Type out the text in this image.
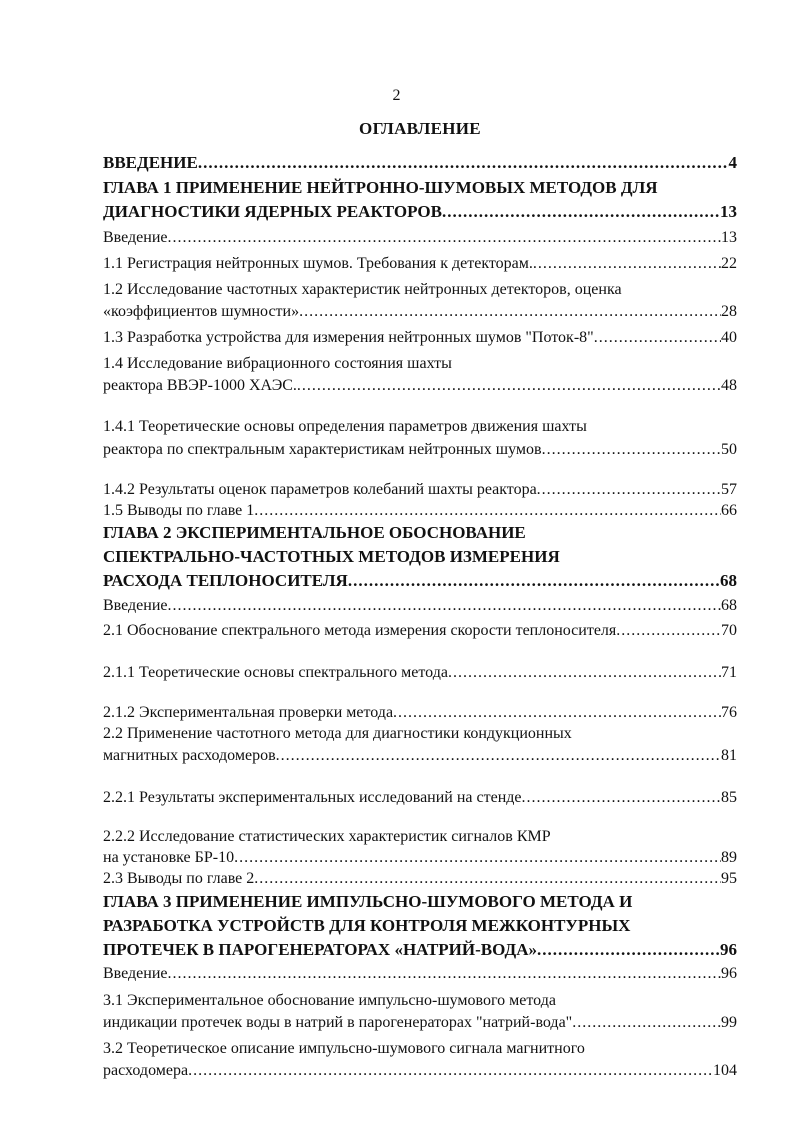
2
ОГЛАВЛЕНИЕ
ВВЕДЕНИЕ .....	4
ГЛАВА 1 ПРИМЕНЕНИЕ НЕЙТРОННО-ШУМОВЫХ МЕТОДОВ ДЛЯ
ДИАГНОСТИКИ ЯДЕРНЫХ РЕАКТОРОВ .....	13
Введение .....	13
1.1 Регистрация нейтронных шумов. Требования к детекторам. .....	22
1.2 Исследование частотных характеристик нейтронных детекторов, оценка
«коэффициентов шумности» .....	28
1.3 Разработка устройства для измерения нейтронных шумов "Поток-8" .....	40
1.4 Исследование вибрационного состояния шахты
реактора ВВЭР-1000 ХАЭС. .....	48
1.4.1 Теоретические основы определения параметров движения шахты
реактора по спектральным характеристикам нейтронных шумов .....	50
1.4.2 Результаты оценок параметров колебаний шахты реактора .....	57
1.5 Выводы по главе 1 .....	66
ГЛАВА 2 ЭКСПЕРИМЕНТАЛЬНОЕ ОБОСНОВАНИЕ
СПЕКТРАЛЬНО-ЧАСТОТНЫХ МЕТОДОВ ИЗМЕРЕНИЯ
РАСХОДА ТЕПЛОНОСИТЕЛЯ .....	68
Введение .....	68
2.1 Обоснование спектрального метода измерения скорости теплоносителя .....	70
2.1.1 Теоретические основы спектрального метода .....	71
2.1.2 Экспериментальная проверки метода .....	76
2.2 Применение частотного метода для диагностики кондукционных
магнитных расходомеров .....	81
2.2.1 Результаты экспериментальных исследований на стенде .....	85
2.2.2 Исследование статистических характеристик сигналов КМР
на установке БР-10 .....	89
2.3 Выводы по главе 2 .....	95
ГЛАВА 3 ПРИМЕНЕНИЕ ИМПУЛЬСНО-ШУМОВОГО МЕТОДА И
РАЗРАБОТКА УСТРОЙСТВ ДЛЯ КОНТРОЛЯ МЕЖКОНТУРНЫХ
ПРОТЕЧЕК В ПАРОГЕНЕРАТОРАХ «НАТРИЙ-ВОДА» .....	96
Введение .....	96
3.1 Экспериментальное обоснование импульсно-шумового метода
индикации протечек воды в натрий в парогенераторах "натрий-вода" .....	99
3.2 Теоретическое описание импульсно-шумового сигнала магнитного
расходомера .....	104
